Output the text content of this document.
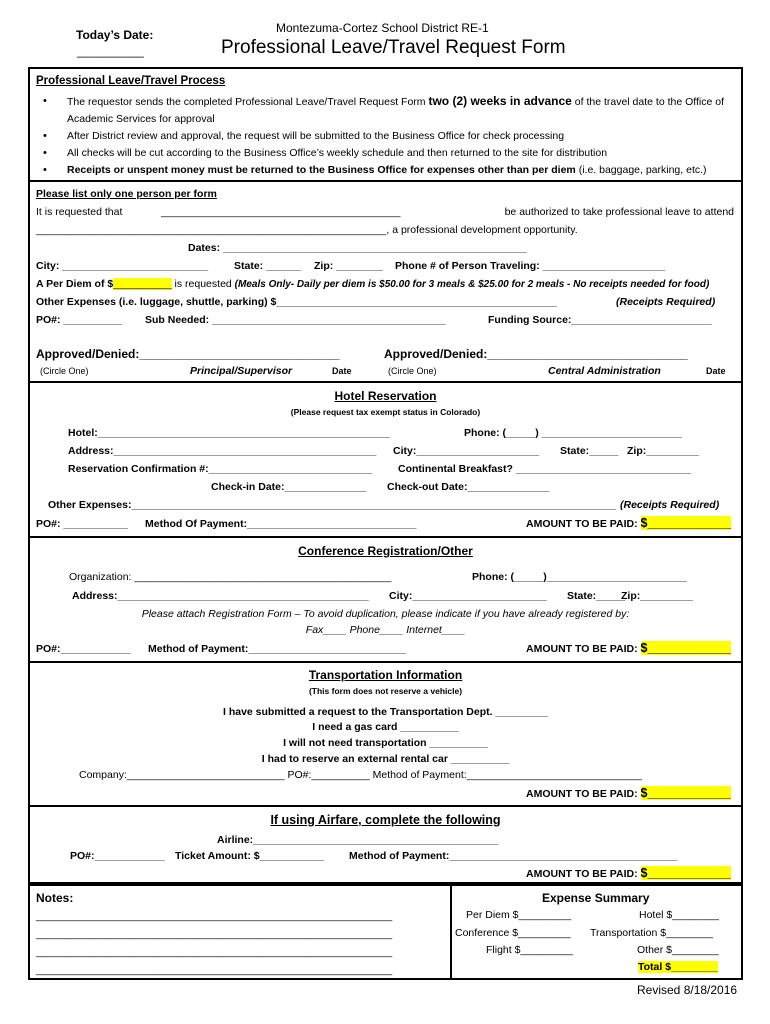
Today’s Date:
__________
Montezuma-Cortez School District RE-1
Professional Leave/Travel Request Form
Professional Leave/Travel Process
• The requestor sends the completed Professional Leave/Travel Request Form two (2) weeks in advance of the travel date to the Office of Academic Services for approval
• After District review and approval, the request will be submitted to the Business Office for check processing
• All checks will be cut according to the Business Office’s weekly schedule and then returned to the site for distribution
• Receipts or unspent money must be returned to the Business Office for expenses other than per diem (i.e. baggage, parking, etc.)
Please list only one person per form
It is requested that	_________________________________________	be authorized to take professional leave to attend
____________________________________________________________, a professional development opportunity.
Dates: ____________________________________________________
City: _________________________ State: ______ Zip: ________ Phone # of Person Traveling: _____________________
A Per Diem of $__________ is requested (Meals Only- Daily per diem is $50.00 for 3 meals & $25.00 for 2 meals - No receipts needed for food)
Other Expenses (i.e. luggage, shuttle, parking) $________________________________________________	(Receipts Required)
PO#: __________ Sub Needed: ________________________________________	Funding Source:________________________
Approved/Denied:______________________________	Approved/Denied:______________________________
(Circle One)	Principal/Supervisor	Date	(Circle One)	Central Administration	Date
Hotel Reservation
(Please request tax exempt status in Colorado)
Hotel:__________________________________________________	Phone: (_____) ________________________
Address:_____________________________________________ City:_____________________ State:_____ Zip:_________
Reservation Confirmation #:____________________________ Continental Breakfast? ______________________________
Check-in Date:______________ Check-out Date:______________
Other Expenses:___________________________________________________________________________________ (Receipts Required)
PO#: ___________ Method Of Payment:_____________________________	AMOUNT TO BE PAID: $____________
Conference Registration/Other
Organization: ____________________________________________	Phone: (_____)________________________
Address:___________________________________________ City:_______________________ State:_____
Zip:_________
Please attach Registration Form – To avoid duplication, please indicate if you have already registered by:
Fax____ Phone____ Internet____
PO#:____________ Method of Payment:___________________________	AMOUNT TO BE PAID: $____________
Transportation Information
(This form does not reserve a vehicle)
I have submitted a request to the Transportation Dept. _________
I need a gas card __________
I will not need transportation __________
I had to reserve an external rental car __________
Company:___________________________ PO#:__________ Method of Payment:______________________________
AMOUNT TO BE PAID: $____________
If using Airfare, complete the following
Airline:__________________________________________
PO#:____________ Ticket Amount: $___________ Method of Payment:_______________________________________
AMOUNT TO BE PAID: $____________
Notes:
_____________________________________________________________
_____________________________________________________________
_____________________________________________________________
_____________________________________________________________
Expense Summary
Per Diem $_________	Hotel $________
Conference $_________ Transportation $________
Flight $_________	Other $________
Total $________
Revised 8/18/2016
